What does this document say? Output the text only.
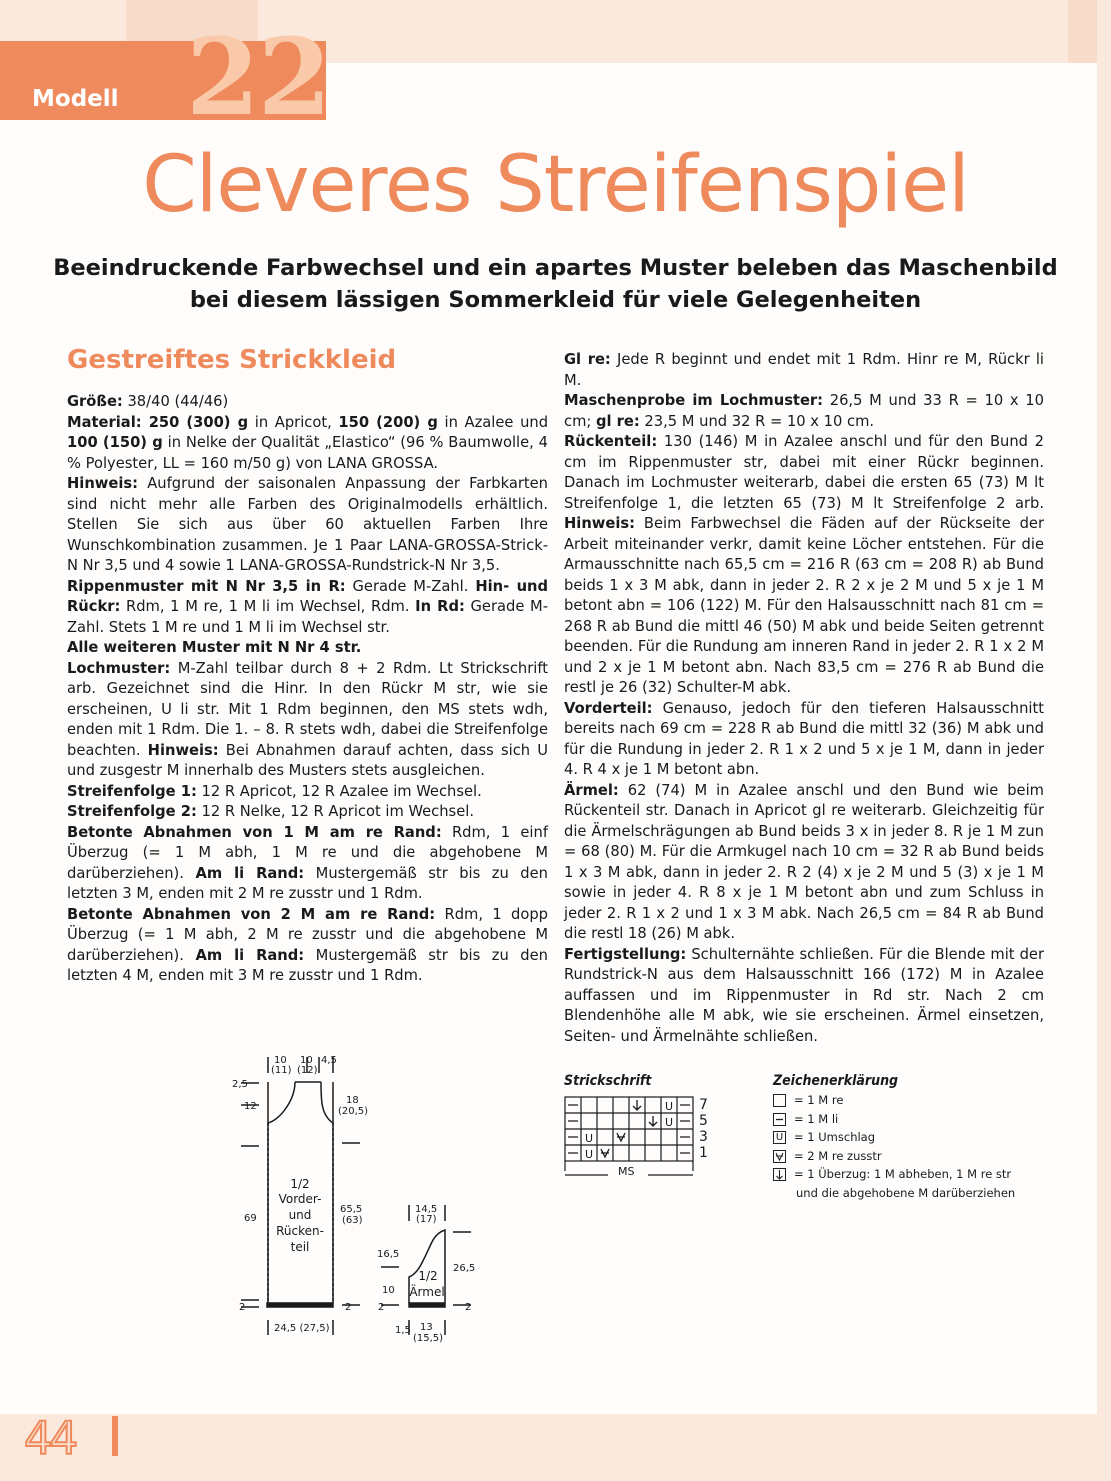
Modell 22
Cleveres Streifenspiel
Beeindruckende Farbwechsel und ein apartes Muster beleben das Maschenbild
bei diesem lässigen Sommerkleid für viele Gelegenheiten
Gestreiftes Strickkleid

Größe: 38/40 (44/46)

Material: 250 (300) g in Apricot, 150 (200) g in Azalee und 100 (150) g in Nelke der Qualität „Elastico“ (96 % Baumwolle, 4 % Polyester, LL = 160 m/50 g) von LANA GROSSA.

Hinweis: Aufgrund der saisonalen Anpassung der Farbkarten sind nicht mehr alle Farben des Originalmodells erhältlich. Stellen Sie sich aus über 60 aktuellen Farben Ihre Wunschkombination zusammen. Je 1 Paar LANA-GROSSA-Strick-N Nr 3,5 und 4 sowie 1 LANA-GROSSA-Rundstrick-N Nr 3,5.

Rippenmuster mit N Nr 3,5 in R: Gerade M-Zahl. Hin- und Rückr: Rdm, 1 M re, 1 M li im Wechsel, Rdm. In Rd: Gerade M-Zahl. Stets 1 M re und 1 M li im Wechsel str.

Alle weiteren Muster mit N Nr 4 str.

Lochmuster: M-Zahl teilbar durch 8 + 2 Rdm. Lt Strickschrift arb. Gezeichnet sind die Hinr. In den Rückr M str, wie sie erscheinen, U li str. Mit 1 Rdm beginnen, den MS stets wdh, enden mit 1 Rdm. Die 1. – 8. R stets wdh, dabei die Streifenfolge beachten. Hinweis: Bei Abnahmen darauf achten, dass sich U und zusgestr M innerhalb des Musters stets ausgleichen.

Streifenfolge 1: 12 R Apricot, 12 R Azalee im Wechsel.

Streifenfolge 2: 12 R Nelke, 12 R Apricot im Wechsel.

Betonte Abnahmen von 1 M am re Rand: Rdm, 1 einf Überzug (= 1 M abh, 1 M re und die abgehobene M darüberziehen). Am li Rand: Mustergemäß str bis zu den letzten 3 M, enden mit 2 M re zusstr und 1 Rdm.

Betonte Abnahmen von 2 M am re Rand: Rdm, 1 dopp Überzug (= 1 M abh, 2 M re zusstr und die abgehobene M darüberziehen). Am li Rand: Mustergemäß str bis zu den letzten 4 M, enden mit 3 M re zusstr und 1 Rdm.

Gl re: Jede R beginnt und endet mit 1 Rdm. Hinr re M, Rückr li M.

Maschenprobe im Lochmuster: 26,5 M und 33 R = 10 x 10 cm; gl re: 23,5 M und 32 R = 10 x 10 cm.

Rückenteil: 130 (146) M in Azalee anschl und für den Bund 2 cm im Rippenmuster str, dabei mit einer Rückr beginnen. Danach im Lochmuster weiterarb, dabei die ersten 65 (73) M lt Streifenfolge 1, die letzten 65 (73) M lt Streifenfolge 2 arb. Hinweis: Beim Farbwechsel die Fäden auf der Rückseite der Arbeit miteinander verkr, damit keine Löcher entstehen. Für die Armausschnitte nach 65,5 cm = 216 R (63 cm = 208 R) ab Bund beids 1 x 3 M abk, dann in jeder 2. R 2 x je 2 M und 5 x je 1 M betont abn = 106 (122) M. Für den Halsausschnitt nach 81 cm = 268 R ab Bund die mittl 46 (50) M abk und beide Seiten getrennt beenden. Für die Rundung am inneren Rand in jeder 2. R 1 x 2 M und 2 x je 1 M betont abn. Nach 83,5 cm = 276 R ab Bund die restl je 26 (32) Schulter-M abk.

Vorderteil: Genauso, jedoch für den tieferen Halsausschnitt bereits nach 69 cm = 228 R ab Bund die mittl 32 (36) M abk und für die Rundung in jeder 2. R 1 x 2 und 5 x je 1 M, dann in jeder 4. R 4 x je 1 M betont abn.

Ärmel: 62 (74) M in Azalee anschl und den Bund wie beim Rückenteil str. Danach in Apricot gl re weiterarb. Gleichzeitig für die Ärmelschrägungen ab Bund beids 3 x in jeder 8. R je 1 M zun = 68 (80) M. Für die Armkugel nach 10 cm = 32 R ab Bund beids 1 x 3 M abk, dann in jeder 2. R 2 (4) x je 2 M und 5 (3) x je 1 M sowie in jeder 4. R 8 x je 1 M betont abn und zum Schluss in jeder 2. R 1 x 2 und 1 x 3 M abk. Nach 26,5 cm = 84 R ab Bund die restl 18 (26) M abk.

Fertigstellung: Schulternähte schließen. Für die Blende mit der Rundstrick-N aus dem Halsausschnitt 166 (172) M in Azalee auffassen und im Rippenmuster in Rd str. Nach 2 cm Blendenhöhe alle M abk, wie sie erscheinen. Ärmel einsetzen, Seiten- und Ärmelnähte schließen.

10
(11)
10
(12)
4,5
2,5
12
69
2
18
(20,5)
65,5
(63)
2
24,5 (27,5)
1/2
Vorder-
und
Rücken-
teil
1/2
Ärmel
14,5
(17)
16,5
10
2
26,5
2
1,5 13
(15,5)
Strickschrift
U
U
U
U
MS
7
5
3
1
Zeichenerklärung
= 1 M re
= 1 M li
U = 1 Umschlag
= 2 M re zusstr
= 1 Überzug: 1 M abheben, 1 M re str
und die abgehobene M darüberziehen
44
